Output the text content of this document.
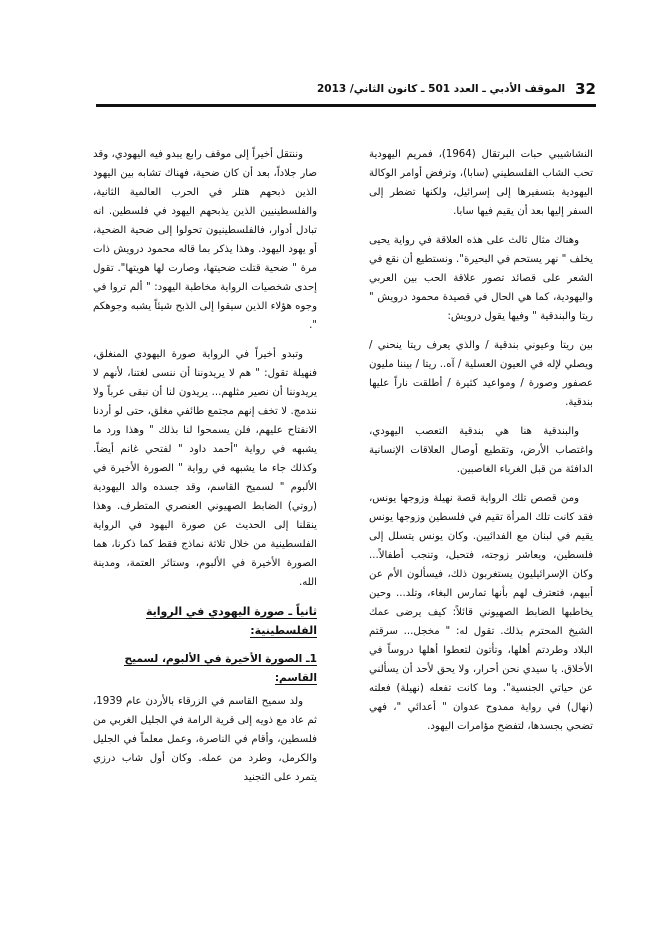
الموقف الأدبي ـ العدد 501 ـ كانون الثاني/ 2013 32

النشاشيبي حبات البرتقال (1964)، فمريم اليهودية تحب الشاب الفلسطيني (سابا)، وترفض أوامر الوكالة اليهودية بتسفيرها إلى إسرائيل، ولكنها تضطر إلى السفر إليها بعد أن يقيم فيها سابا.

وهناك مثال ثالث على هذه العلاقة في رواية يحيى يخلف " نهر يستحم في البحيرة". ونستطيع أن نقع في الشعر على قصائد تصور علاقة الحب بين العربي واليهودية، كما هي الحال في قصيدة محمود درويش " ريتا والبندقية " وفيها يقول درويش:

بين ريتا وعيوني بندقية / والذي يعرف ريتا ينحني /ويصلي لإله في العيون العسلية / آه.. ريتا / بيننا مليون عصفور وصورة / ومواعيد كثيرة / أطلقت ناراً عليها بندقية.

والبندقية هنا هي بندقية التعصب اليهودي، واغتصاب الأرض، وتقطيع أوصال العلاقات الإنسانية الدافئة من قبل الغرباء الغاصبين.

ومن قصص تلك الرواية قصة نهيلة وزوجها يونس، فقد كانت تلك المرأة تقيم في فلسطين وزوجها يونس يقيم في لبنان مع الفدائيين. وكان يونس يتسلل إلى فلسطين، ويعاشر زوجته، فتحبل، وتنجب أطفالاً... وكان الإسرائيليون يستغربون ذلك، فيسألون الأم عن أبيهم، فتعترف لهم بأنها تمارس البغاء، وتلد... وحين يخاطبها الضابط الصهيوني قائلاً: كيف يرضى عمك الشيخ المحترم بذلك. تقول له: " مخجل... سرقتم البلاد وطردتم أهلها، وتأتون لتعطوا أهلها دروساً في الأخلاق. يا سيدي نحن أحرار، ولا يحق لأحد أن يسألني عن حياتي الجنسية". وما كانت تفعله (نهيلة) فعلته (نهال) في رواية ممدوح عدوان " أعدائي "، فهي تضحي بجسدها، لتفضح مؤامرات اليهود.

وننتقل أخيراً إلى موقف رابع يبدو فيه اليهودي، وقد صار جلاداً، بعد أن كان ضحية، فهناك تشابه بين اليهود الذين ذبحهم هتلر في الحرب العالمية الثانية، والفلسطينيين الذين يذبحهم اليهود في فلسطين. انه تبادل أدوار، فالفلسطينيون تحولوا إلى ضحية الضحية، أو يهود اليهود. وهذا يذكر بما قاله محمود درويش ذات مرة " ضحية قتلت ضحيتها، وصارت لها هويتها". تقول إحدى شخصيات الرواية مخاطبة اليهود: " ألم تروا في وجوه هؤلاء الذين سيقوا إلى الذبح شيئاً يشبه وجوهكم ".

وتبدو أخيراً في الرواية صورة اليهودي المنغلق، فنهيلة تقول: " هم لا يريدوننا أن ننسى لغتنا، لأنهم لا يريدوننا أن نصير مثلهم... يريدون لنا أن نبقى عرباً ولا نندمج. لا تخف إنهم مجتمع طائفي مغلق، حتى لو أردنا الانفتاح عليهم، فلن يسمحوا لنا بذلك " وهذا ورد ما يشبهه في رواية "أحمد داود " لفتحي غانم أيضاً. وكذلك جاء ما يشبهه في رواية " الصورة الأخيرة في الألبوم " لسميح القاسم، وقد جسده والد اليهودية (روتي) الضابط الصهيوني العنصري المتطرف. وهذا ينقلنا إلى الحديث عن صورة اليهود في الرواية الفلسطينية من خلال ثلاثة نماذج فقط كما ذكرنا، هما الصورة الأخيرة في الألبوم، وستائر العتمة، ومدينة الله.

ثانياً ـ صورة اليهودي في الرواية الفلسطينية:
1ـ الصورة الأخيرة في الألبوم، لسميح القاسم:

ولد سميح القاسم في الزرقاء بالأردن عام 1939، ثم عاد مع ذويه إلى قرية الرامة في الجليل الغربي من فلسطين، وأقام في الناصرة، وعمل معلماً في الجليل والكرمل، وطرد من عمله. وكان أول شاب درزي يتمرد على التجنيد
